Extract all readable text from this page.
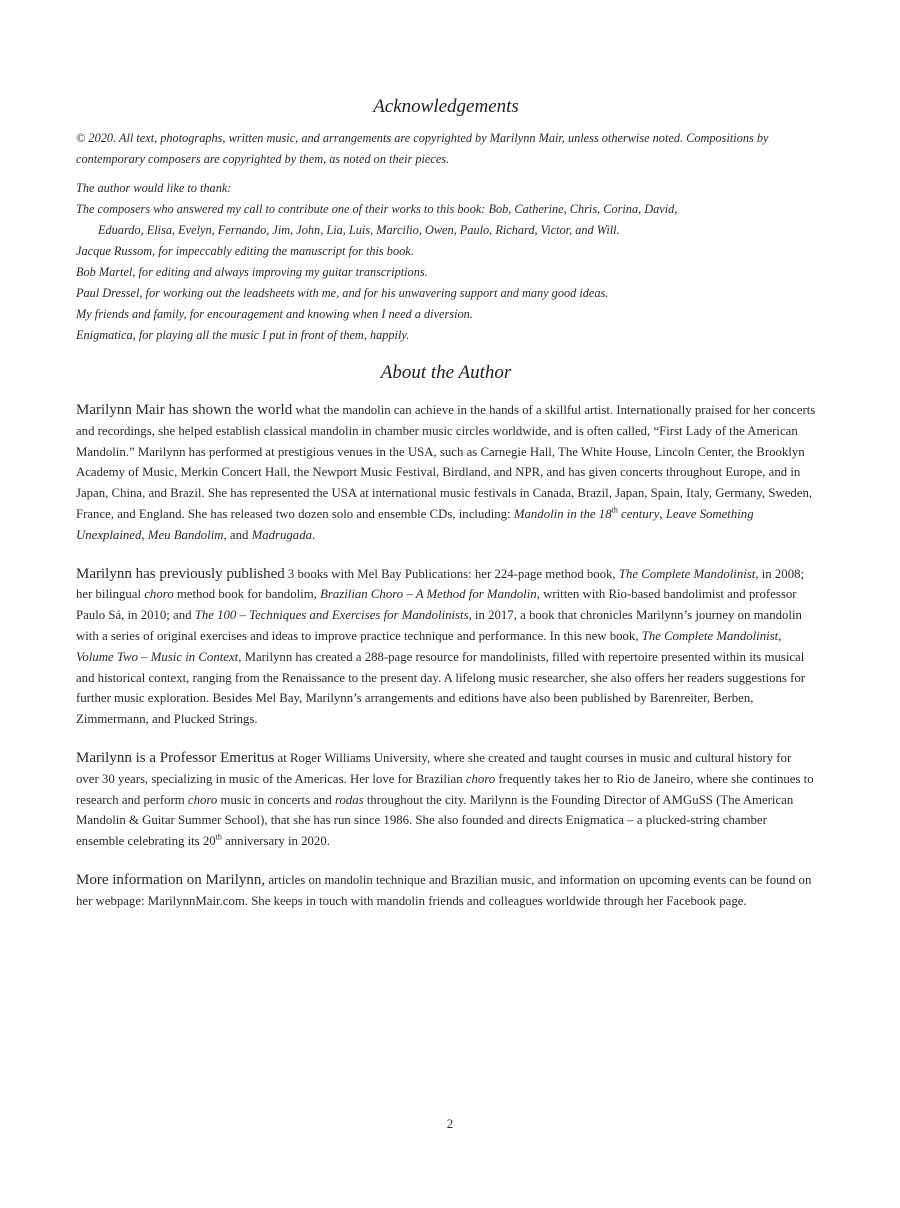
Acknowledgements

© 2020. All text, photographs, written music, and arrangements are copyrighted by Marilynn Mair, unless otherwise noted. Compositions by contemporary composers are copyrighted by them, as noted on their pieces.

The author would like to thank:

The composers who answered my call to contribute one of their works to this book: Bob, Catherine, Chris, Corina, David,

Eduardo, Elisa, Evelyn, Fernando, Jim, John, Lia, Luis, Marcilio, Owen, Paulo, Richard, Victor, and Will.

Jacque Russom, for impeccably editing the manuscript for this book.

Bob Martel, for editing and always improving my guitar transcriptions.

Paul Dressel, for working out the leadsheets with me, and for his unwavering support and many good ideas.

My friends and family, for encouragement and knowing when I need a diversion.

Enigmatica, for playing all the music I put in front of them, happily.

About the Author

Marilynn Mair has shown the world what the mandolin can achieve in the hands of a skillful artist. Internationally praised for her concerts and recordings, she helped establish classical mandolin in chamber music circles worldwide, and is often called, “First Lady of the American Mandolin.” Marilynn has performed at prestigious venues in the USA, such as Carnegie Hall, The White House, Lincoln Center, the Brooklyn Academy of Music, Merkin Concert Hall, the Newport Music Festival, Birdland, and NPR, and has given concerts throughout Europe, and in Japan, China, and Brazil. She has represented the USA at international music festivals in Canada, Brazil, Japan, Spain, Italy, Germany, Sweden, France, and England. She has released two dozen solo and ensemble CDs, including: Mandolin in the 18th century, Leave Something Unexplained, Meu Bandolim, and Madrugada.

Marilynn has previously published 3 books with Mel Bay Publications: her 224-page method book, The Complete Mandolinist, in 2008; her bilingual choro method book for bandolim, Brazilian Choro – A Method for Mandolin, written with Rio-based bandolimist and professor Paulo Sá, in 2010; and The 100 – Techniques and Exercises for Mandolinists, in 2017, a book that chronicles Marilynn’s journey on mandolin with a series of original exercises and ideas to improve practice technique and performance. In this new book, The Complete Mandolinist, Volume Two – Music in Context, Marilynn has created a 288-page resource for mandolinists, filled with repertoire presented within its musical and historical context, ranging from the Renaissance to the present day. A lifelong music researcher, she also offers her readers suggestions for further music exploration. Besides Mel Bay, Marilynn’s arrangements and editions have also been published by Barenreiter, Berben, Zimmermann, and Plucked Strings.

Marilynn is a Professor Emeritus at Roger Williams University, where she created and taught courses in music and cultural history for over 30 years, specializing in music of the Americas. Her love for Brazilian choro frequently takes her to Rio de Janeiro, where she continues to research and perform choro music in concerts and rodas throughout the city. Marilynn is the Founding Director of AMGuSS (The American Mandolin & Guitar Summer School), that she has run since 1986. She also founded and directs Enigmatica – a plucked-string chamber ensemble celebrating its 20th anniversary in 2020.

More information on Marilynn, articles on mandolin technique and Brazilian music, and information on upcoming events can be found on her webpage: MarilynnMair.com. She keeps in touch with mandolin friends and colleagues worldwide through her Facebook page.

2
